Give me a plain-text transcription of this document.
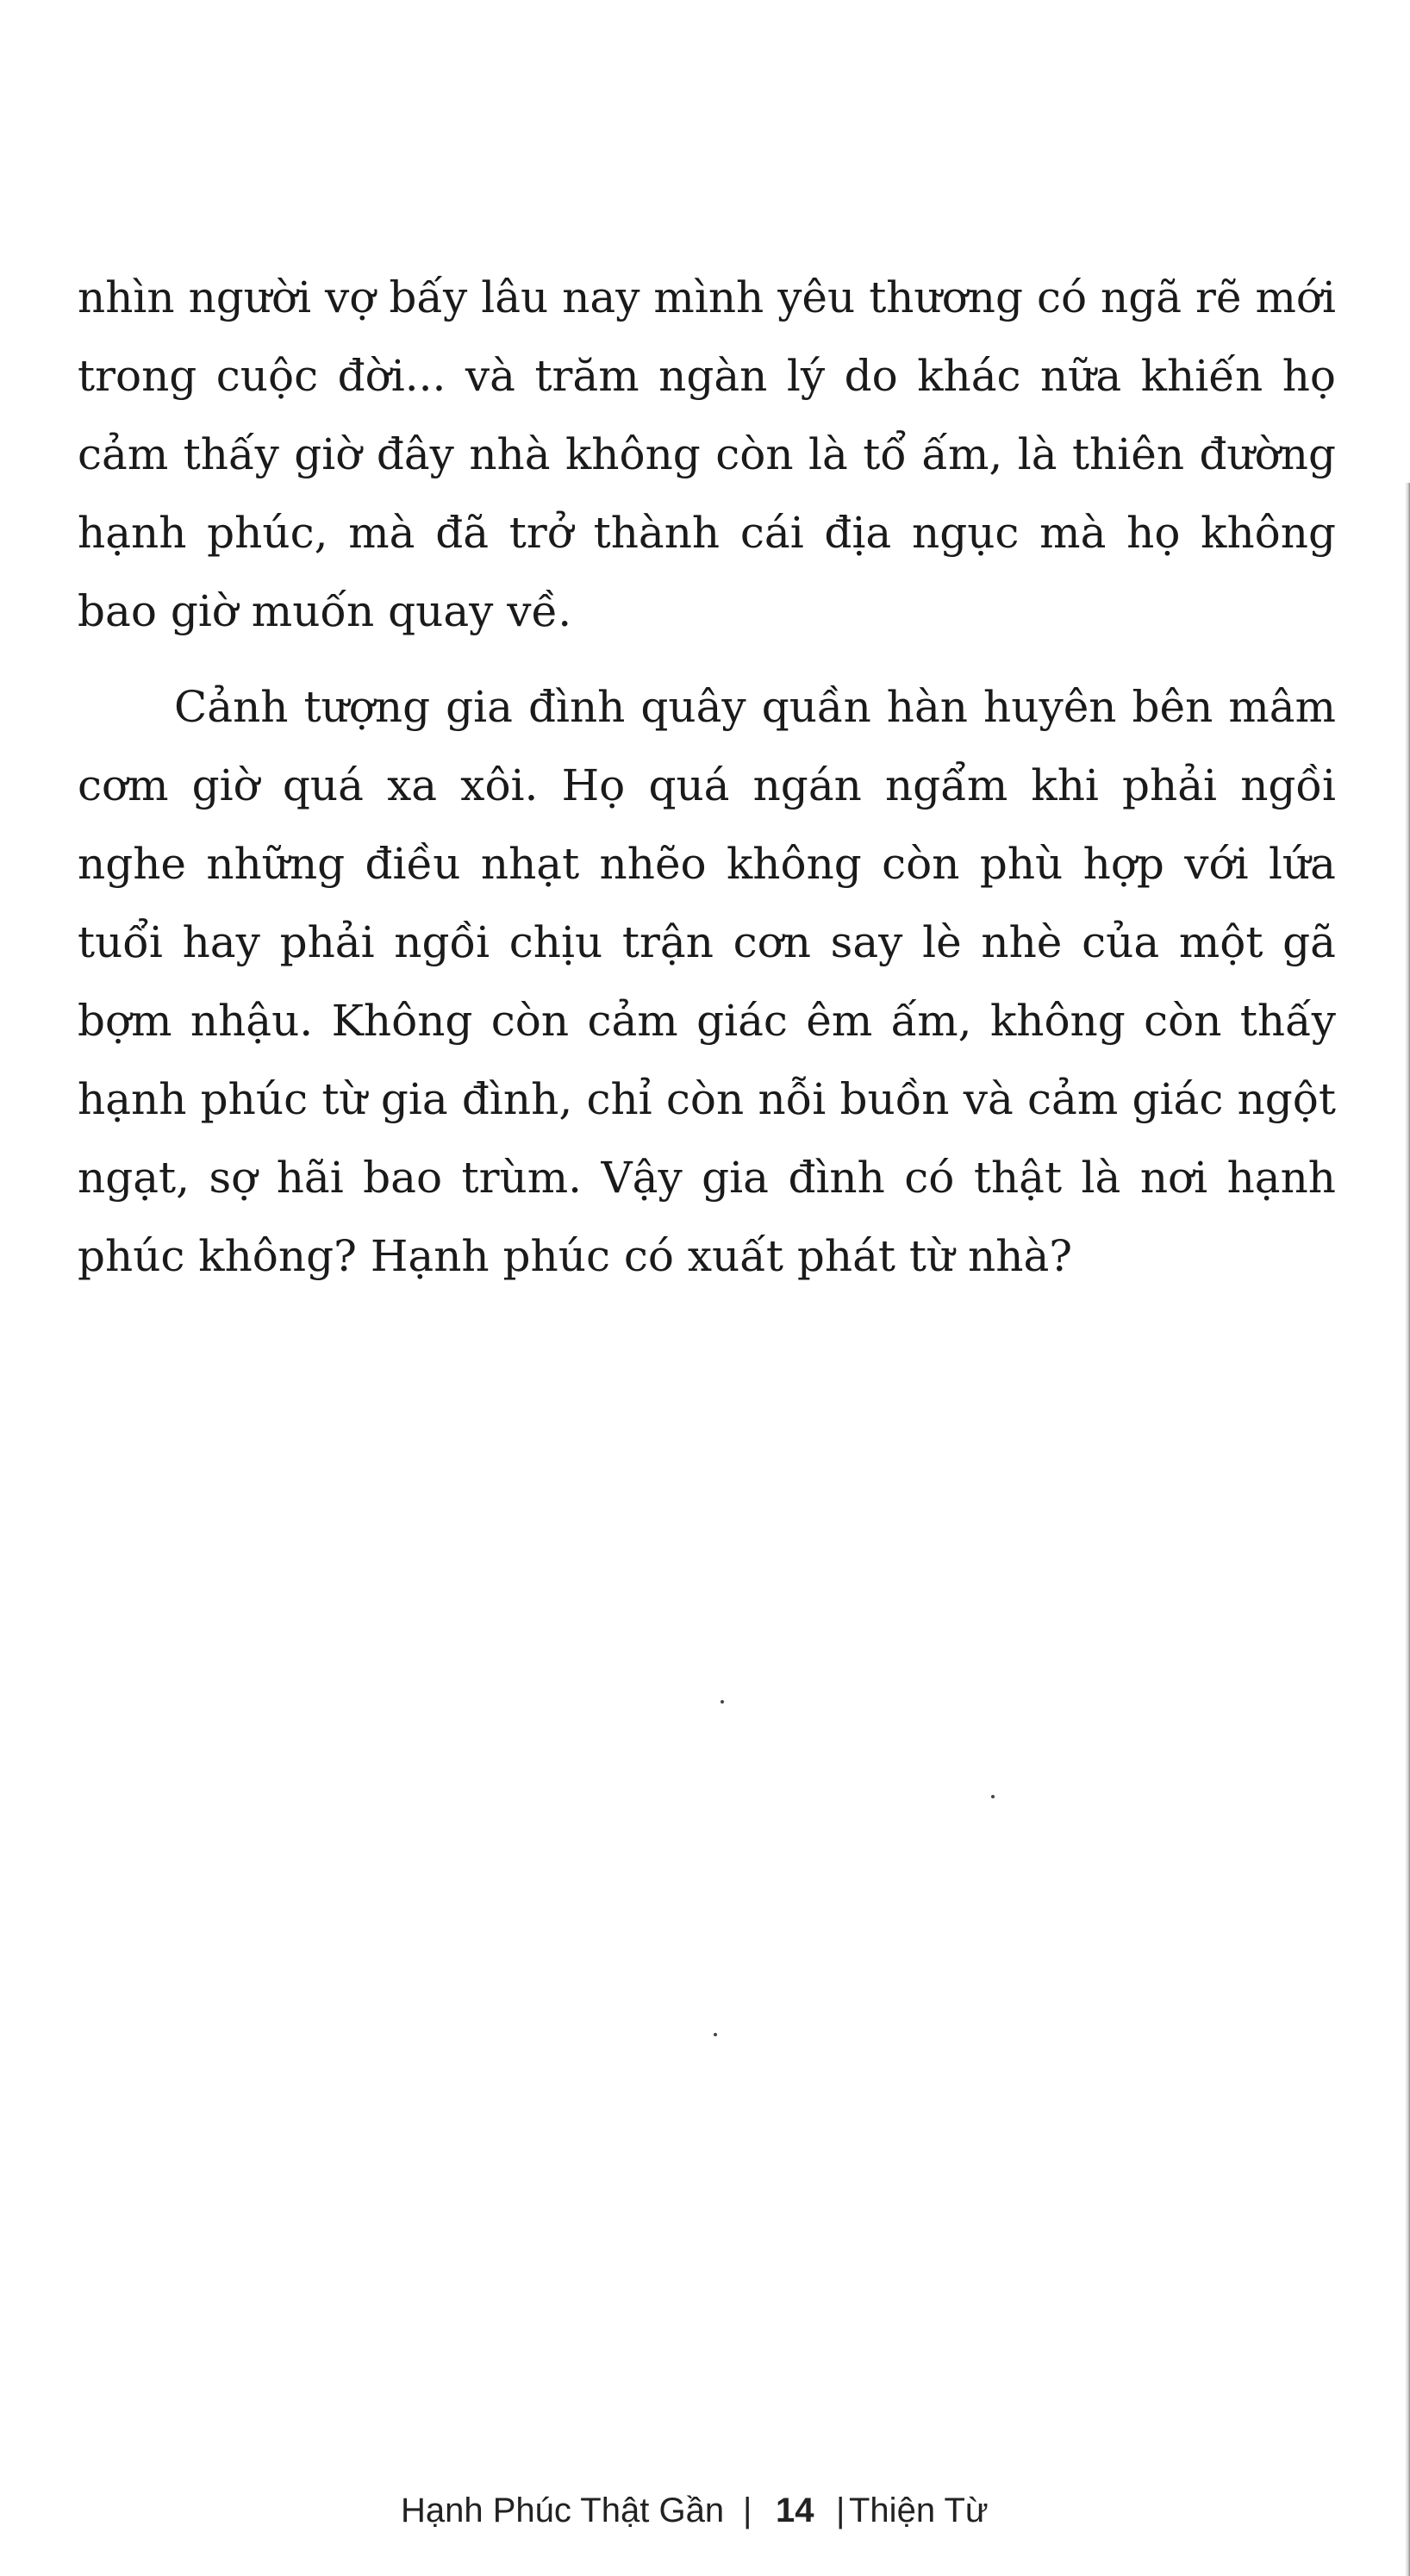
nhìn người vợ bấy lâu nay mình yêu thương có ngã rẽ mới
trong cuộc đời... và trăm ngàn lý do khác nữa khiến họ
cảm thấy giờ đây nhà không còn là tổ ấm, là thiên đường
hạnh phúc, mà đã trở thành cái địa ngục mà họ không
bao giờ muốn quay về.

Cảnh tượng gia đình quây quần hàn huyên bên mâm
cơm giờ quá xa xôi. Họ quá ngán ngẩm khi phải ngồi
nghe những điều nhạt nhẽo không còn phù hợp với lứa
tuổi hay phải ngồi chịu trận cơn say lè nhè của một gã
bợm nhậu. Không còn cảm giác êm ấm, không còn thấy
hạnh phúc từ gia đình, chỉ còn nỗi buồn và cảm giác ngột
ngạt, sợ hãi bao trùm. Vậy gia đình có thật là nơi hạnh
phúc không? Hạnh phúc có xuất phát từ nhà?

Hạnh Phúc Thật Gần | 14 | Thiện Từ
